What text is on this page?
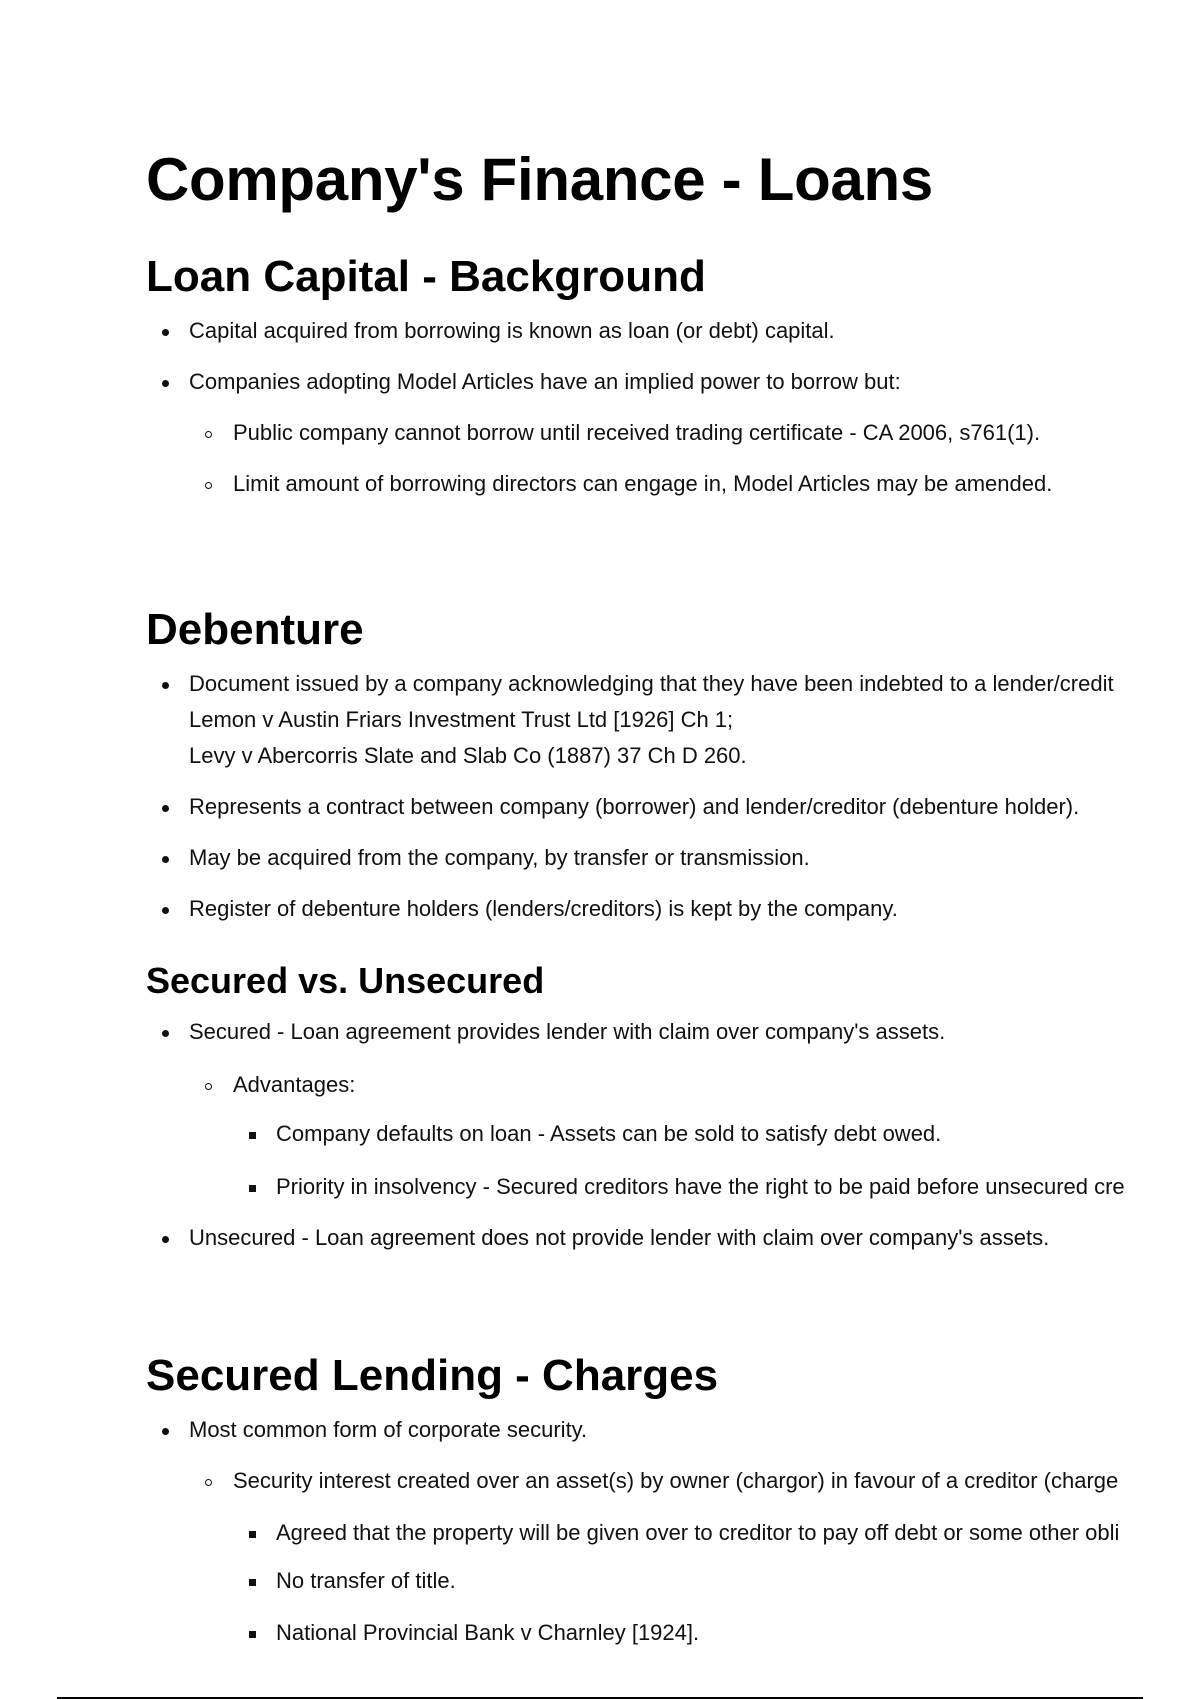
Company's Finance - Loans
Loan Capital - Background
Capital acquired from borrowing is known as loan (or debt) capital.
Companies adopting Model Articles have an implied power to borrow but:
Public company cannot borrow until received trading certificate - CA 2006, s761(1).
Limit amount of borrowing directors can engage in, Model Articles may be amended.
Debenture
Document issued by a company acknowledging that they have been indebted to a lender/credit
Lemon v Austin Friars Investment Trust Ltd [1926] Ch 1;
Levy v Abercorris Slate and Slab Co (1887) 37 Ch D 260.
Represents a contract between company (borrower) and lender/creditor (debenture holder).
May be acquired from the company, by transfer or transmission.
Register of debenture holders (lenders/creditors) is kept by the company.
Secured vs. Unsecured
Secured - Loan agreement provides lender with claim over company's assets.
Advantages:
Company defaults on loan - Assets can be sold to satisfy debt owed.
Priority in insolvency - Secured creditors have the right to be paid before unsecured cre
Unsecured - Loan agreement does not provide lender with claim over company's assets.
Secured Lending - Charges
Most common form of corporate security.
Security interest created over an asset(s) by owner (chargor) in favour of a creditor (charge
Agreed that the property will be given over to creditor to pay off debt or some other obli
No transfer of title.
National Provincial Bank v Charnley [1924].
